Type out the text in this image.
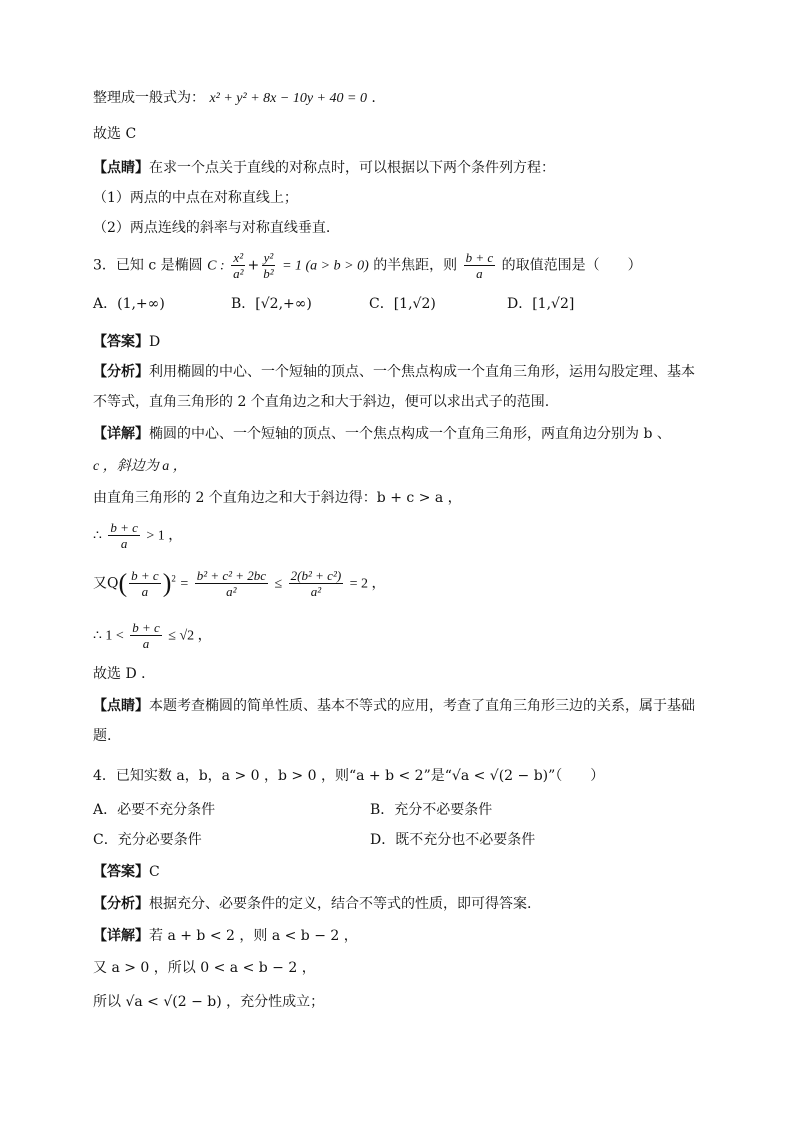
整理成一般式为： x² + y² + 8x − 10y + 40 = 0 .
故选 C
【点睛】在求一个点关于直线的对称点时，可以根据以下两个条件列方程：
（1）两点的中点在对称直线上；
（2）两点连线的斜率与对称直线垂直.
3．已知 c 是椭圆 C : $\frac{\text{x²}}{\text{a²}} + \frac{\text{y²}}{\text{b²}} = 1$ (a > b > 0) 的半焦距，则 $\frac{b + c}{a}$ 的取值范围是（　　）
A．(1,+∞)	B．[√2,+∞)	C．[1,√2)	D．[1,√2]
【答案】D
【分析】利用椭圆的中心、一个短轴的顶点、一个焦点构成一个直角三角形，运用勾股定理、基本
不等式，直角三角形的 2 个直角边之和大于斜边，便可以求出式子的范围.
【详解】椭圆的中心、一个短轴的顶点、一个焦点构成一个直角三角形，两直角边分别为 b 、
c ，斜边为 a ，
由直角三角形的 2 个直角边之和大于斜边得：b + c > a ，
∴ $\frac{b + c}{a} > 1$ ，
又$Q( \frac{b + c}{a} )^2 = \frac{\text{b² + c² + 2bc}}{\text{a²}} \le \frac{\text{2(b² + c²)}}{\text{a²}} = 2$ ，
∴ $1 < \frac{b + c}{a} \le √2$ ，
故选 D ．
【点睛】本题考查椭圆的简单性质、基本不等式的应用，考查了直角三角形三边的关系，属于基础
题.
4．已知实数 a，b，a > 0 ，b > 0 ，则“a + b < 2”是“√a < √(2 − b)”（　　）
A．必要不充分条件	B．充分不必要条件
C．充分必要条件	D．既不充分也不必要条件
【答案】C
【分析】根据充分、必要条件的定义，结合不等式的性质，即可得答案.
【详解】若 a + b < 2 ，则 a < b − 2 ，
又 a > 0 ，所以 0 < a < b − 2 ，
所以 √a < √(2 − b) ，充分性成立；
